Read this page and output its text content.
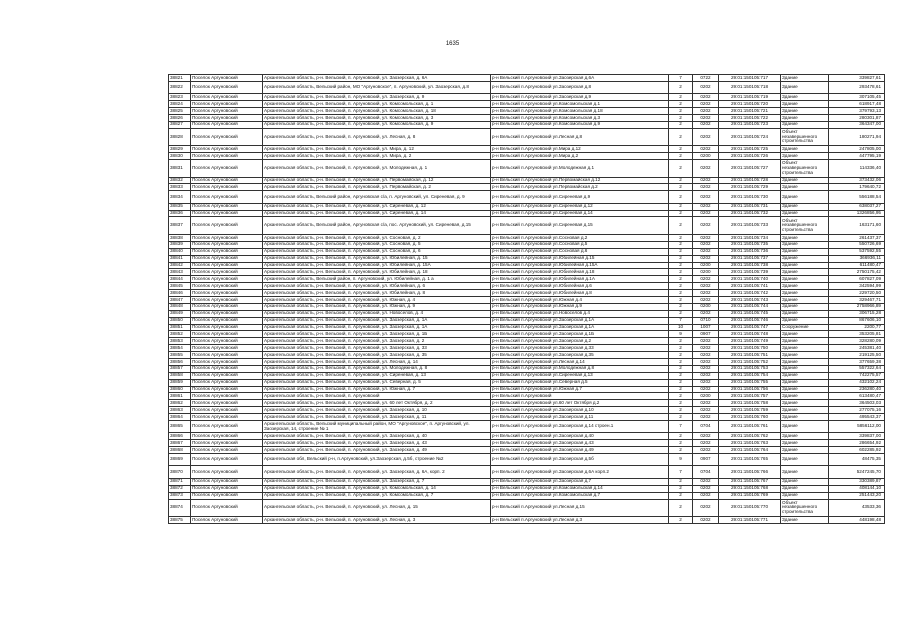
1635
38821	Поселок Аргуновский	Архангельская область, р-н. Вельский, п. Аргуновский, ул. Заозерская, д. 6А	р-н Вельский п.Аргуновский ул.Заозерская д.6А	7	0722	29:01:150105:717	Здание	339827,61
38822	Поселок Аргуновский	Архангельская область, Вельский район, МО "Аргуновское", п. Аргуновский, ул. Заозерская, д.8	р-н Вельский п.Аргуновский ул.Заозерская д.8	2	0202	29:01:150105:718	Здание	293478,61
38823	Поселок Аргуновский	Архангельская область, р-н. Вельский, п. Аргуновский, ул. Заозерская, д. 9	р-н Вельский п.Аргуновский ул.Заозерская д.9	2	0202	29:01:150105:719	Здание	307105,45
38824	Поселок Аргуновский	Архангельская область, р-н. Вельский, п. Аргуновский, ул. Комсомольская, д. 1	р-н Вельский п.Аргуновский ул.Комсомольская д.1	2	0202	29:01:150105:720	Здание	618917,48
38825	Поселок Аргуновский	Архангельская область, р-н. Вельский, п. Аргуновский, ул. Комсомольская, д. 18	р-н Вельский п.Аргуновский ул.Комсомольская д.18	2	0202	29:01:150105:721	Здание	379793,13
38826	Поселок Аргуновский	Архангельская область, р-н. Вельский, п. Аргуновский, ул. Комсомольская, д. 3	р-н Вельский п.Аргуновский ул.Комсомольская д.3	2	0202	29:01:150105:722	Здание	280301,87
38827	Поселок Аргуновский	Архангельская область, р-н. Вельский, п. Аргуновский, ул. Комсомольская, д. 9	р-н Вельский п.Аргуновский ул.Комсомольская д.9	2	0202	29:01:150105:723	Здание	364347,00
38828	Поселок Аргуновский	Архангельская область, р-н. Вельский, п. Аргуновский, ул. Лесная, д. 8	р-н Вельский п.Аргуновский ул.Лесная д.8	2	0202	29:01:150105:724	Объект незавершенного строительства	180271,94
38829	Поселок Аргуновский	Архангельская область, р-н. Вельский, п. Аргуновский, ул. Мира, д. 12	р-н Вельский п.Аргуновский ул.Мира д.12	2	0202	29:01:150105:725	Здание	247805,00
38830	Поселок Аргуновский	Архангельская область, р-н. Вельский, п. Аргуновский, ул. Мира, д. 2	р-н Вельский п.Аргуновский ул.Мира д.2	2	0200	29:01:150105:726	Здание	447795,19
38831	Поселок Аргуновский	Архангельская область, р-н. Вельский, п. Аргуновский, ул. Молодежная, д. 1	р-н Вельский п.Аргуновский ул.Молодежная д.1	2	0202	29:01:150105:727	Объект незавершенного строительства	114336,40
38832	Поселок Аргуновский	Архангельская область, р-н. Вельский, п. Аргуновский, ул. Первомайская, д. 12	р-н Вельский п.Аргуновский ул.Первомайская д.12	2	0202	29:01:150105:728	Здание	373432,06
38833	Поселок Аргуновский	Архангельская область, р-н. Вельский, п. Аргуновский, ул. Первомайская, д. 2	р-н Вельский п.Аргуновский ул.Первомайская д.2	2	0202	29:01:150105:729	Здание	179640,72
38834	Поселок Аргуновский	Архангельская область, Вельский район, Аргуновская с/а, п. Аргуновский, ул. Сиреневая, д. 9	р-н Вельский п.Аргуновский ул.Сиреневая д.9	2	0202	29:01:150105:730	Здание	556188,54
38835	Поселок Аргуновский	Архангельская область, р-н. Вельский, п. Аргуновский, ул. Сиреневая, д. 12	р-н Вельский п.Аргуновский ул.Сиреневая д.12	2	0202	29:01:150105:731	Здание	638037,27
38836	Поселок Аргуновский	Архангельская область, р-н. Вельский, п. Аргуновский, ул. Сиреневая, д. 14	р-н Вельский п.Аргуновский ул.Сиреневая д.14	2	0202	29:01:150105:732	Здание	1326856,95
38837	Поселок Аргуновский	Архангельская область, Вельский район, Аргуновская с/а, пос. Аргуновский, ул. Сиреневая, д.15	р-н Вельский п.Аргуновский ул.Сиреневая д.15	2	0202	29:01:150105:733	Объект незавершенного строительства	163171,60
38838	Поселок Аргуновский	Архангельская область, р-н. Вельский, п. Аргуновский, ул. Сосновая, д. 2	р-н Вельский п.Аргуновский ул.Сосновая д.2	2	0202	29:01:150105:734	Здание	261437,37
38839	Поселок Аргуновский	Архангельская область, р-н. Вельский, п. Аргуновский, ул. Сосновая, д. 5	р-н Вельский п.Аргуновский ул.Сосновая д.5	2	0202	29:01:150105:735	Здание	550726,69
38840	Поселок Аргуновский	Архангельская область, р-н. Вельский, п. Аргуновский, ул. Сосновая, д. 6	р-н Вельский п.Аргуновский ул.Сосновая д.6	2	0202	29:01:150105:736	Здание	537592,55
38841	Поселок Аргуновский	Архангельская область, р-н. Вельский, п. Аргуновский, ул. Юбилейная, д. 15	р-н Вельский п.Аргуновский ул.Юбилейная д.15	2	0202	29:01:150105:737	Здание	366936,11
38842	Поселок Аргуновский	Архангельская область, р-н. Вельский, п. Аргуновский, ул. Юбилейная, д. 15А	р-н Вельский п.Аргуновский ул.Юбилейная д.15А	2	0200	29:01:150105:738	Здание	611480,47
38843	Поселок Аргуновский	Архангельская область, р-н. Вельский, п. Аргуновский, ул. Юбилейная, д. 18	р-н Вельский п.Аргуновский ул.Юбилейная д.18	2	0200	29:01:150105:739	Здание	2750175,42
38844	Поселок Аргуновский	Архангельская область, Вельский район, п. Аргуновский, ул. Юбилейная, д. 1 а	р-н Вельский п.Аргуновский ул.Юбилейная д.1А	2	0202	29:01:150105:740	Здание	607827,09
38845	Поселок Аргуновский	Архангельская область, р-н. Вельский, п. Аргуновский, ул. Юбилейная, д. 6	р-н Вельский п.Аргуновский ул.Юбилейная д.6	2	0202	29:01:150105:741	Здание	342594,99
38846	Поселок Аргуновский	Архангельская область, р-н. Вельский, п. Аргуновский, ул. Юбилейная, д. 8	р-н Вельский п.Аргуновский ул.Юбилейная д.8	2	0202	29:01:150105:742	Здание	229720,50
38847	Поселок Аргуновский	Архангельская область, р-н. Вельский, п. Аргуновский, ул. Южная, д. 4	р-н Вельский п.Аргуновский ул.Южная д.4	2	0202	29:01:150105:743	Здание	329467,71
38848	Поселок Аргуновский	Архангельская область, р-н. Вельский, п. Аргуновский, ул. Южная, д. 9	р-н Вельский п.Аргуновский ул.Южная д.9	2	0200	29:01:150105:744	Здание	2758966,89
38849	Поселок Аргуновский	Архангельская область, р-н. Вельский, п. Аргуновский, ул. Новоселов, д. 4	р-н Вельский п.Аргуновский ул.Новоселов д.4	2	0202	29:01:150105:745	Здание	306715,28
38850	Поселок Аргуновский	Архангельская область, р-н. Вельский, п. Аргуновский, ул. Заозерская, д. 1А	р-н Вельский п.Аргуновский ул.Заозерская д.1А	7	0710	29:01:150105:746	Здание	867606,10
38851	Поселок Аргуновский	Архангельская область, р-н. Вельский, п. Аргуновский, ул. Заозерская, д. 1А	р-н Вельский п.Аргуновский ул.Заозерская д.1А	10	1007	29:01:150105:747	Сооружение	2200,77
38852	Поселок Аргуновский	Архангельская область, р-н. Вельский, п. Аргуновский, ул. Заозерская, д. 1Б	р-н Вельский п.Аргуновский ул.Заозерская д.1Б	9	0907	29:01:150105:748	Здание	353205,81
38853	Поселок Аргуновский	Архангельская область, р-н. Вельский, п. Аргуновский, ул. Заозерская, д. 2	р-н Вельский п.Аргуновский ул.Заозерская д.2	2	0202	29:01:150105:749	Здание	328280,09
38854	Поселок Аргуновский	Архангельская область, р-н. Вельский, п. Аргуновский, ул. Заозерская, д. 33	р-н Вельский п.Аргуновский ул.Заозерская д.33	2	0202	29:01:150105:750	Здание	245381,40
38855	Поселок Аргуновский	Архангельская область, р-н. Вельский, п. Аргуновский, ул. Заозерская, д. 35	р-н Вельский п.Аргуновский ул.Заозерская д.35	2	0202	29:01:150105:751	Здание	219125,50
38856	Поселок Аргуновский	Архангельская область, р-н. Вельский, п. Аргуновский, ул. Лесная, д. 14	р-н Вельский п.Аргуновский ул.Лесная д.14	2	0202	29:01:150105:752	Здание	377659,38
38857	Поселок Аргуновский	Архангельская область, р-н. Вельский, п. Аргуновский, ул. Молодежная, д. 8	р-н Вельский п.Аргуновский ул.Молодежная д.8	2	0202	29:01:150105:753	Здание	557322,64
38858	Поселок Аргуновский	Архангельская область, р-н. Вельский, п. Аргуновский, ул. Сиреневая, д. 13	р-н Вельский п.Аргуновский ул.Сиреневая д.13	2	0202	29:01:150105:754	Здание	742275,57
38859	Поселок Аргуновский	Архангельская область, р-н. Вельский, п. Аргуновский, ул. Северная, д. 5	р-н Вельский п.Аргуновский ул.Северная д.5	2	0202	29:01:150105:755	Здание	432102,24
38860	Поселок Аргуновский	Архангельская область, р-н. Вельский, п. Аргуновский, ул. Южная, д. 7	р-н Вельский п.Аргуновский ул.Южная д.7	2	0202	29:01:150105:756	Здание	236280,40
38861	Поселок Аргуновский	Архангельская область, р-н. Вельский, п. Аргуновский	р-н Вельский п.Аргуновский	2	0200	29:01:150105:757	Здание	613480,47
38862	Поселок Аргуновский	Архангельская область, р-н. Вельский, п. Аргуновский, ул. 60 лет Октября, д. 2	р-н Вельский п.Аргуновский ул.60 лет Октября д.2	2	0202	29:01:150105:758	Здание	364503,03
38863	Поселок Аргуновский	Архангельская область, р-н. Вельский, п. Аргуновский, ул. Заозерская, д. 10	р-н Вельский п.Аргуновский ул.Заозерская д.10	2	0202	29:01:150105:759	Здание	277075,16
38864	Поселок Аргуновский	Архангельская область, р-н. Вельский, п. Аргуновский, ул. Заозерская, д. 11	р-н Вельский п.Аргуновский ул.Заозерская д.11	2	0202	29:01:150105:760	Здание	495543,37
38865	Поселок Аргуновский	Архангельская область, Вельский муниципальный район, МО "Аргуновское", п. Аргуновский, ул. Заозерская, 14, строение № 1	р-н Вельский п.Аргуновский ул.Заозерская д.14 строен.1	7	0704	29:01:150105:761	Здание	5856112,00
38866	Поселок Аргуновский	Архангельская область, р-н. Вельский, п. Аргуновский, ул. Заозерская, д. 40	р-н Вельский п.Аргуновский ул.Заозерская д.40	2	0202	29:01:150105:762	Здание	339837,00
38867	Поселок Аргуновский	Архангельская область, р-н. Вельский, п. Аргуновский, ул. Заозерская, д. 43	р-н Вельский п.Аргуновский ул.Заозерская д.43	2	0202	29:01:150105:763	Здание	286654,92
38868	Поселок Аргуновский	Архангельская область, р-н. Вельский, п. Аргуновский, ул. Заозерская, д. 49	р-н Вельский п.Аргуновский ул.Заозерская д.49	2	0202	29:01:150105:764	Здание	602285,92
38869	Поселок Аргуновский	Архангельская обл, Вельский р-н, п.Аргуновский, ул.Заозерская, д.5б, строение №2	р-н Вельский п.Аргуновский ул.Заозерская д.5б	9	0907	29:01:150105:765	Здание	48475,35
38870	Поселок Аргуновский	Архангельская область, р-н. Вельский, п. Аргуновский, ул. Заозерская, д. 6А, корп. 2	р-н Вельский п.Аргуновский ул.Заозерская д.6А корп.2	7	0704	29:01:150105:766	Здание	5247245,70
38871	Поселок Аргуновский	Архангельская область, р-н. Вельский, п. Аргуновский, ул. Заозерская, д. 7	р-н Вельский п.Аргуновский ул.Заозерская д.7	2	0202	29:01:150105:767	Здание	330389,87
38872	Поселок Аргуновский	Архангельская область, р-н. Вельский, п. Аргуновский, ул. Комсомольская, д. 14	р-н Вельский п.Аргуновский ул.Комсомольская д.14	2	0202	29:01:150105:768	Здание	408144,10
38873	Поселок Аргуновский	Архангельская область, р-н. Вельский, п. Аргуновский, ул. Комсомольская, д. 7	р-н Вельский п.Аргуновский ул.Комсомольская д.7	2	0202	29:01:150105:769	Здание	251443,20
38874	Поселок Аргуновский	Архангельская область, р-н. Вельский, п. Аргуновский, ул. Лесная, д. 15	р-н Вельский п.Аргуновский ул.Лесная д.15	2	0202	29:01:150105:770	Объект незавершенного строительства	43533,36
38875	Поселок Аргуновский	Архангельская область, р-н. Вельский, п. Аргуновский, ул. Лесная, д. 3	р-н Вельский п.Аргуновский ул.Лесная д.3	2	0202	29:01:150105:771	Здание	448198,48
